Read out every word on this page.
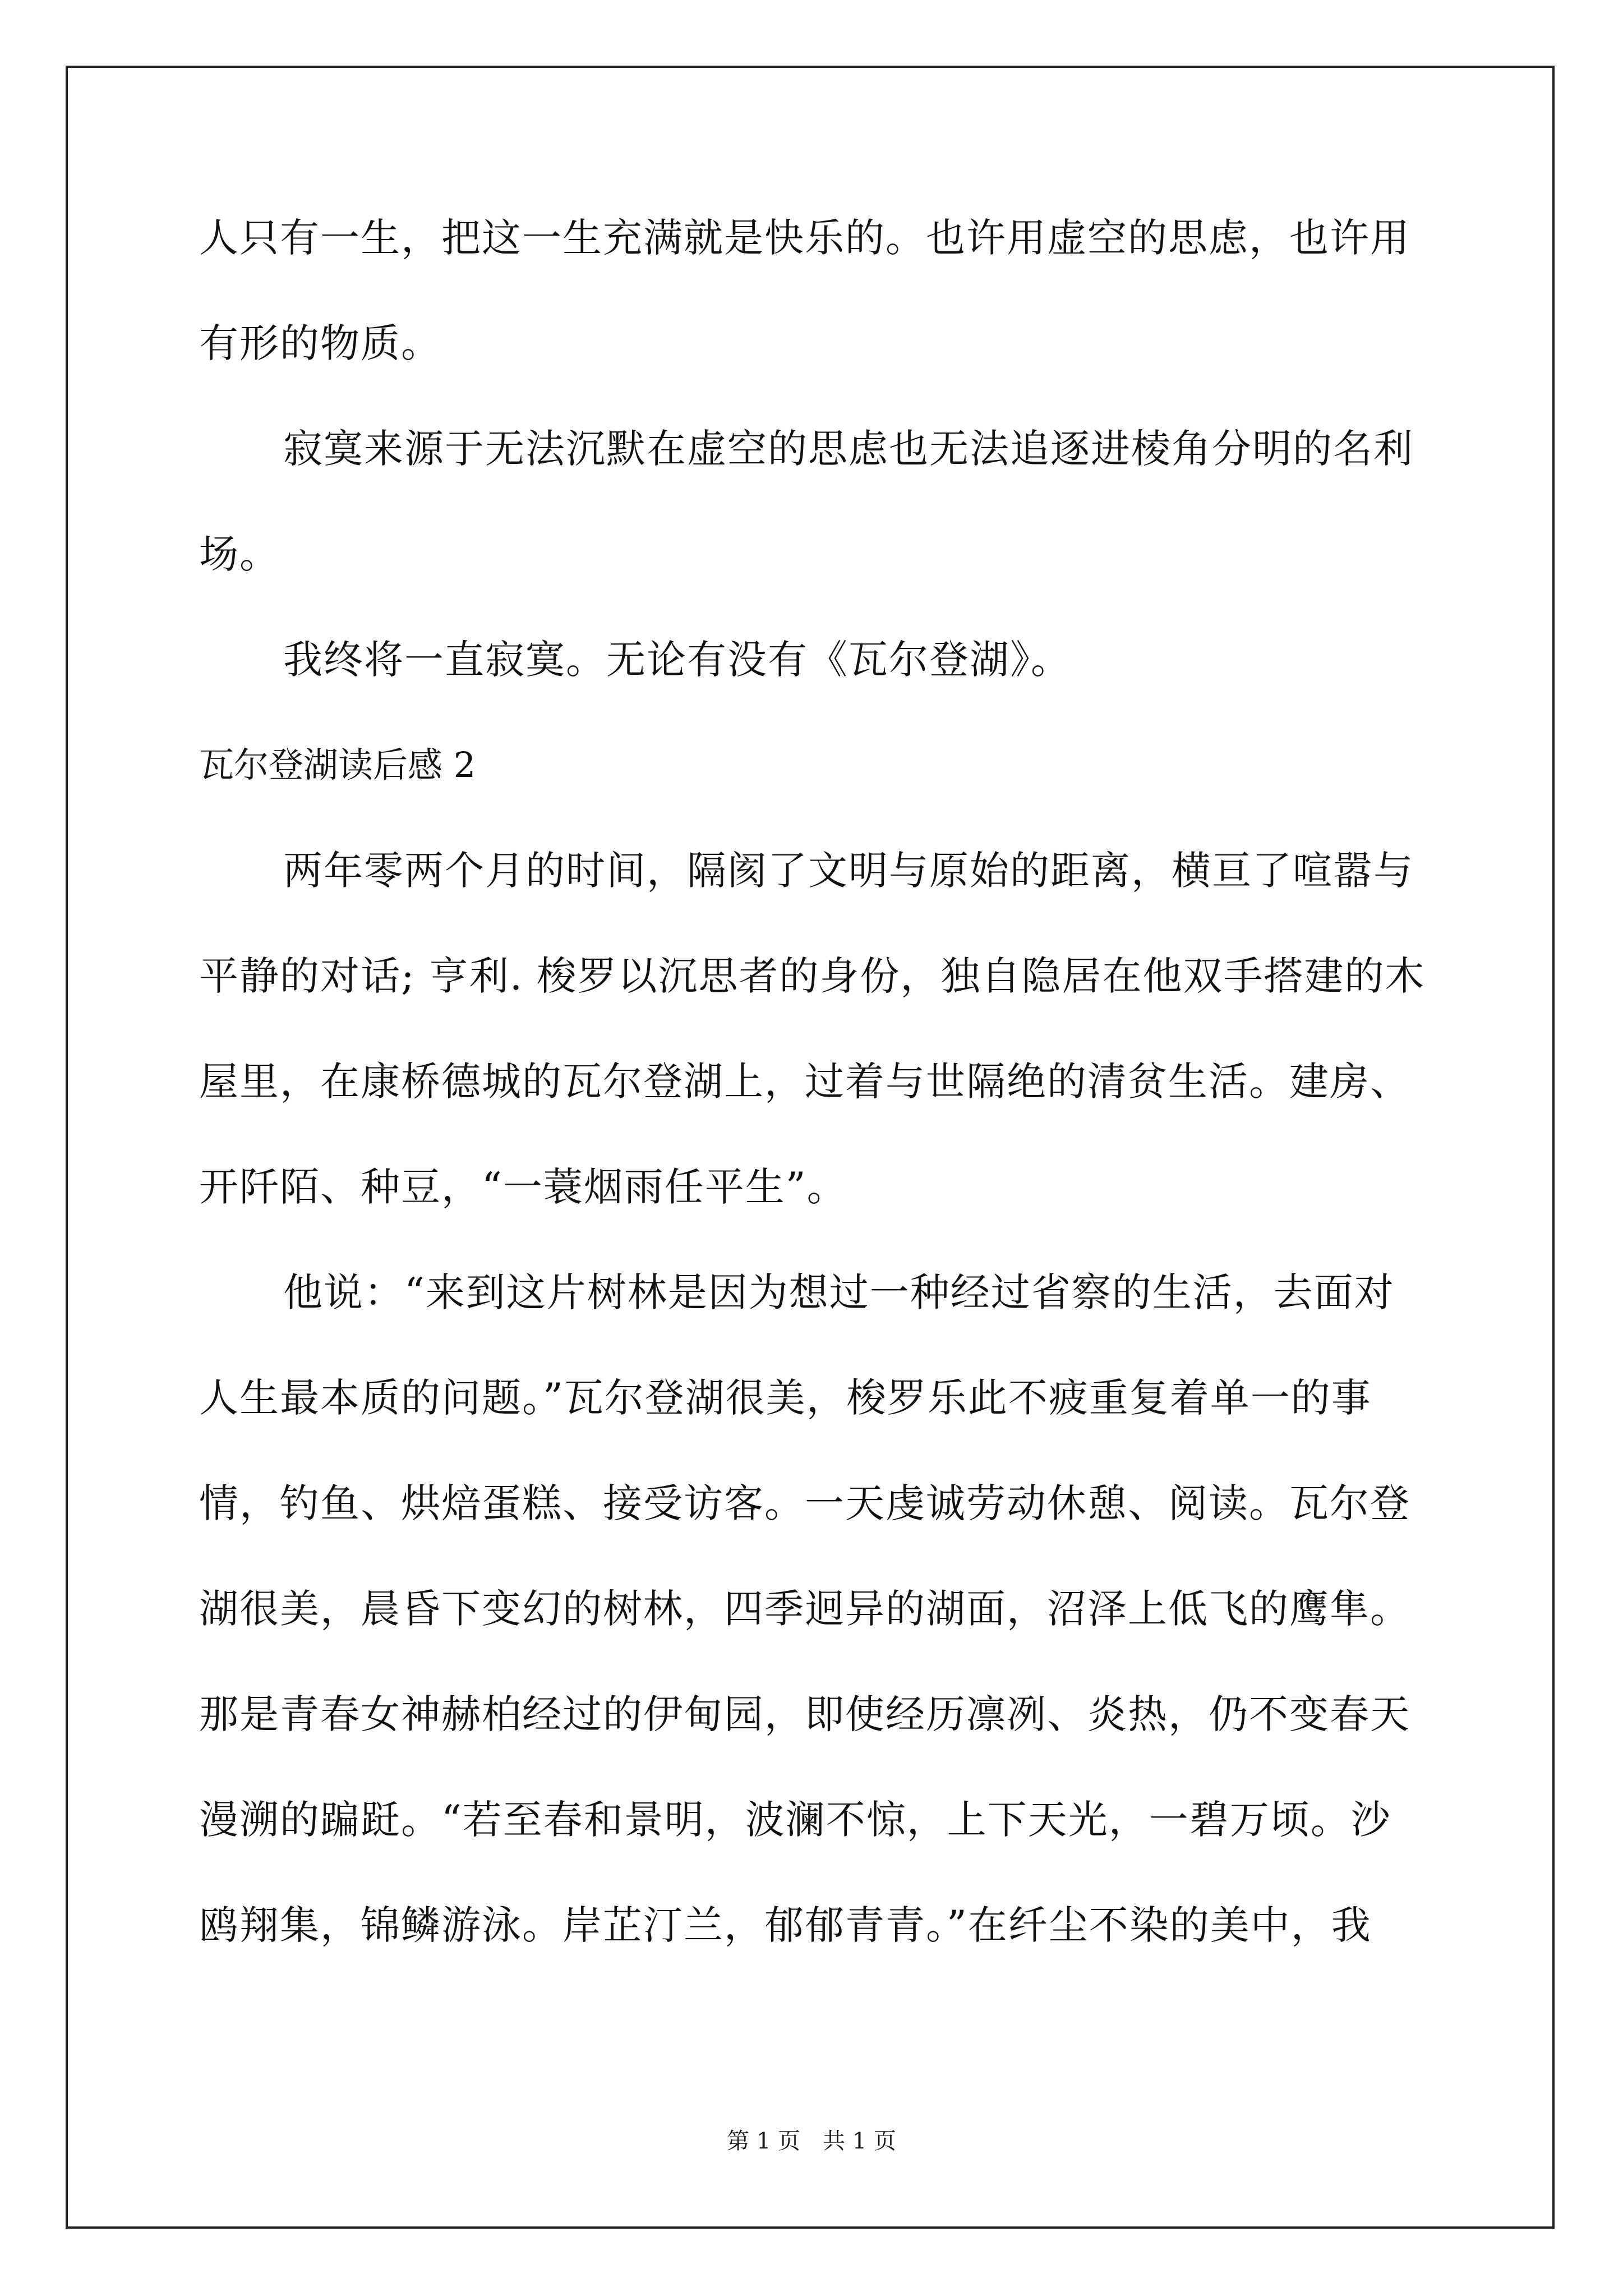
人只有一生，把这一生充满就是快乐的。也许用虚空的思虑，也许用
有形的物质。
寂寞来源于无法沉默在虚空的思虑也无法追逐进棱角分明的名利
场。
我终将一直寂寞。无论有没有《瓦尔登湖》。
瓦尔登湖读后感 2
两年零两个月的时间，隔阂了文明与原始的距离，横亘了喧嚣与
平静的对话; 亨利. 梭罗以沉思者的身份，独自隐居在他双手搭建的木
屋里，在康桥德城的瓦尔登湖上，过着与世隔绝的清贫生活。建房、
开阡陌、种豆，“一蓑烟雨任平生”。
他说：“来到这片树林是因为想过一种经过省察的生活，去面对
人生最本质的问题。”瓦尔登湖很美，梭罗乐此不疲重复着单一的事
情，钓鱼、烘焙蛋糕、接受访客。一天虔诚劳动休憩、阅读。瓦尔登
湖很美，晨昏下变幻的树林，四季迥异的湖面，沼泽上低飞的鹰隼。
那是青春女神赫柏经过的伊甸园，即使经历凛冽、炎热，仍不变春天
漫溯的蹁跹。“若至春和景明，波澜不惊，上下天光，一碧万顷。沙
鸥翔集，锦鳞游泳。岸芷汀兰，郁郁青青。”在纤尘不染的美中，我
第 1 页　共 1 页
